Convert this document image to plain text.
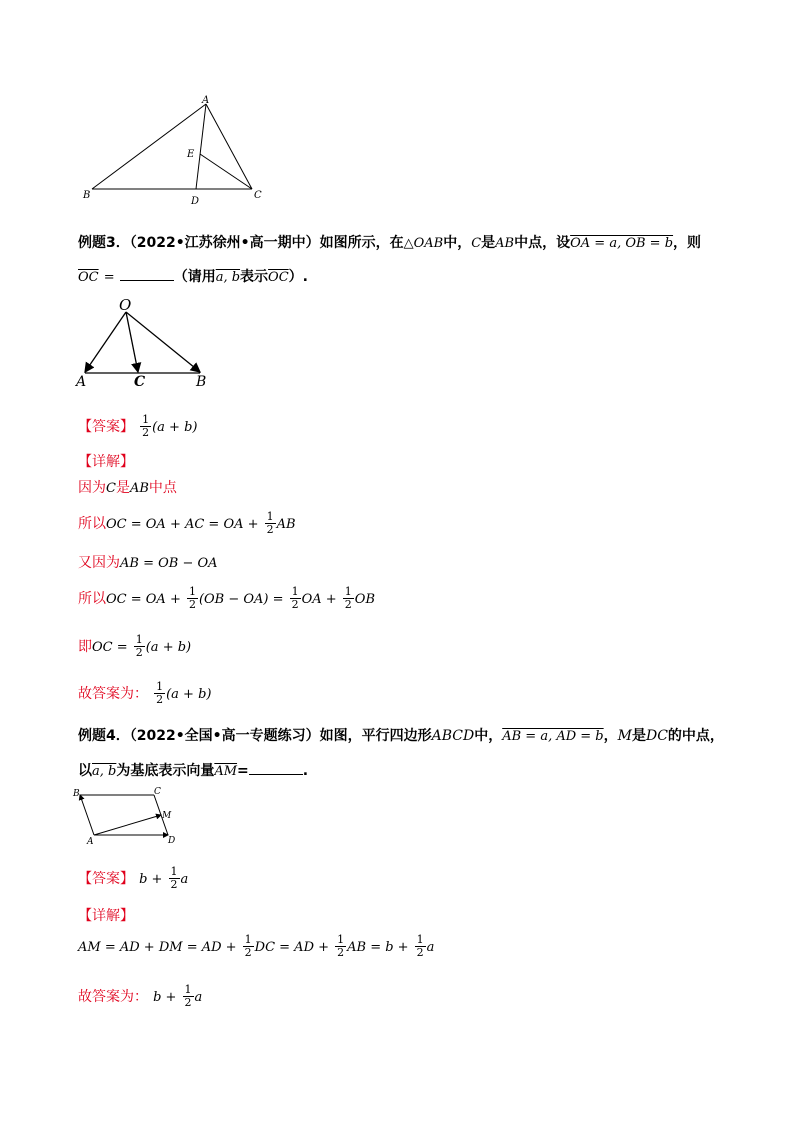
A
B	C
D
E
例题3．（2022•江苏徐州•高一期中）如图所示，在△OAB中，C是AB中点，设OA = a, OB = b，则
$\overline{OC}$ =	（请用a, b表示$\overline{OC}$）.
O
A	C	B
【答案】 $\frac{1}{2} (a + b)$
【详解】
因为C是AB中点
所以OC = OA + AC = OA + $\frac{1}{2}$ AB
又因为AB = OB − OA
所以OC = OA + $\frac{1}{2} (OB - OA) = \frac{1}{2}$ OA + $\frac{1}{2}$ OB
即OC = $\frac{1}{2} (a + b)$
故答案为： $\frac{1}{2} (a + b)$
例题4．（2022•全国•高一专题练习）如图，平行四边形ABCD中，AB = a, AD = b，M是DC的中点，
以a, b为基底表示向量$\overline{AM}=$	.
B	C
M
A	D
【答案】 $b + \frac{1}{2}$ a
【详解】
AM = AD + DM = AD + $\frac{1}{2}$ DC = AD + $\frac{1}{2}$ AB = $b + \frac{1}{2}$ a
故答案为： $b + \frac{1}{2}$ a
